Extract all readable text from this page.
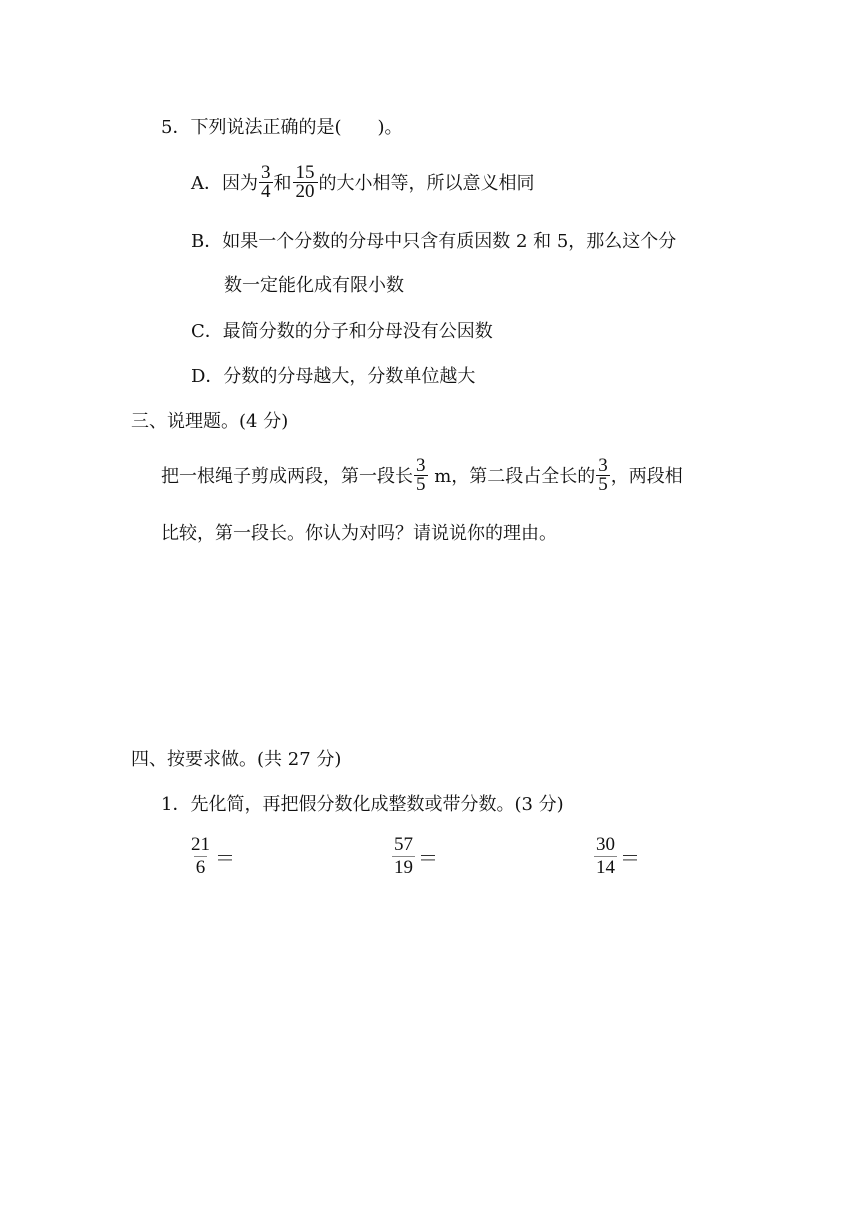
5．下列说法正确的是(　　)。
A．因为 $\frac{3}{4}$ 和 $\frac{15}{20}$ 的大小相等，所以意义相同
B．如果一个分数的分母中只含有质因数 2 和 5，那么这个分
数一定能化成有限小数
C．最简分数的分子和分母没有公因数
D．分数的分母越大，分数单位越大
三、说理题。(4 分)
把一根绳子剪成两段，第一段长 $\frac{3}{5}$ m，第二段占全长的 $\frac{3}{5}$ ，两段相
比较，第一段长。你认为对吗？请说说你的理由。
四、按要求做。(共 27 分)
1．先化简，再把假分数化成整数或带分数。(3 分)
$\frac{21}{6}$ ＝	$\frac{57}{19}$ ＝	$\frac{30}{14}$ ＝
